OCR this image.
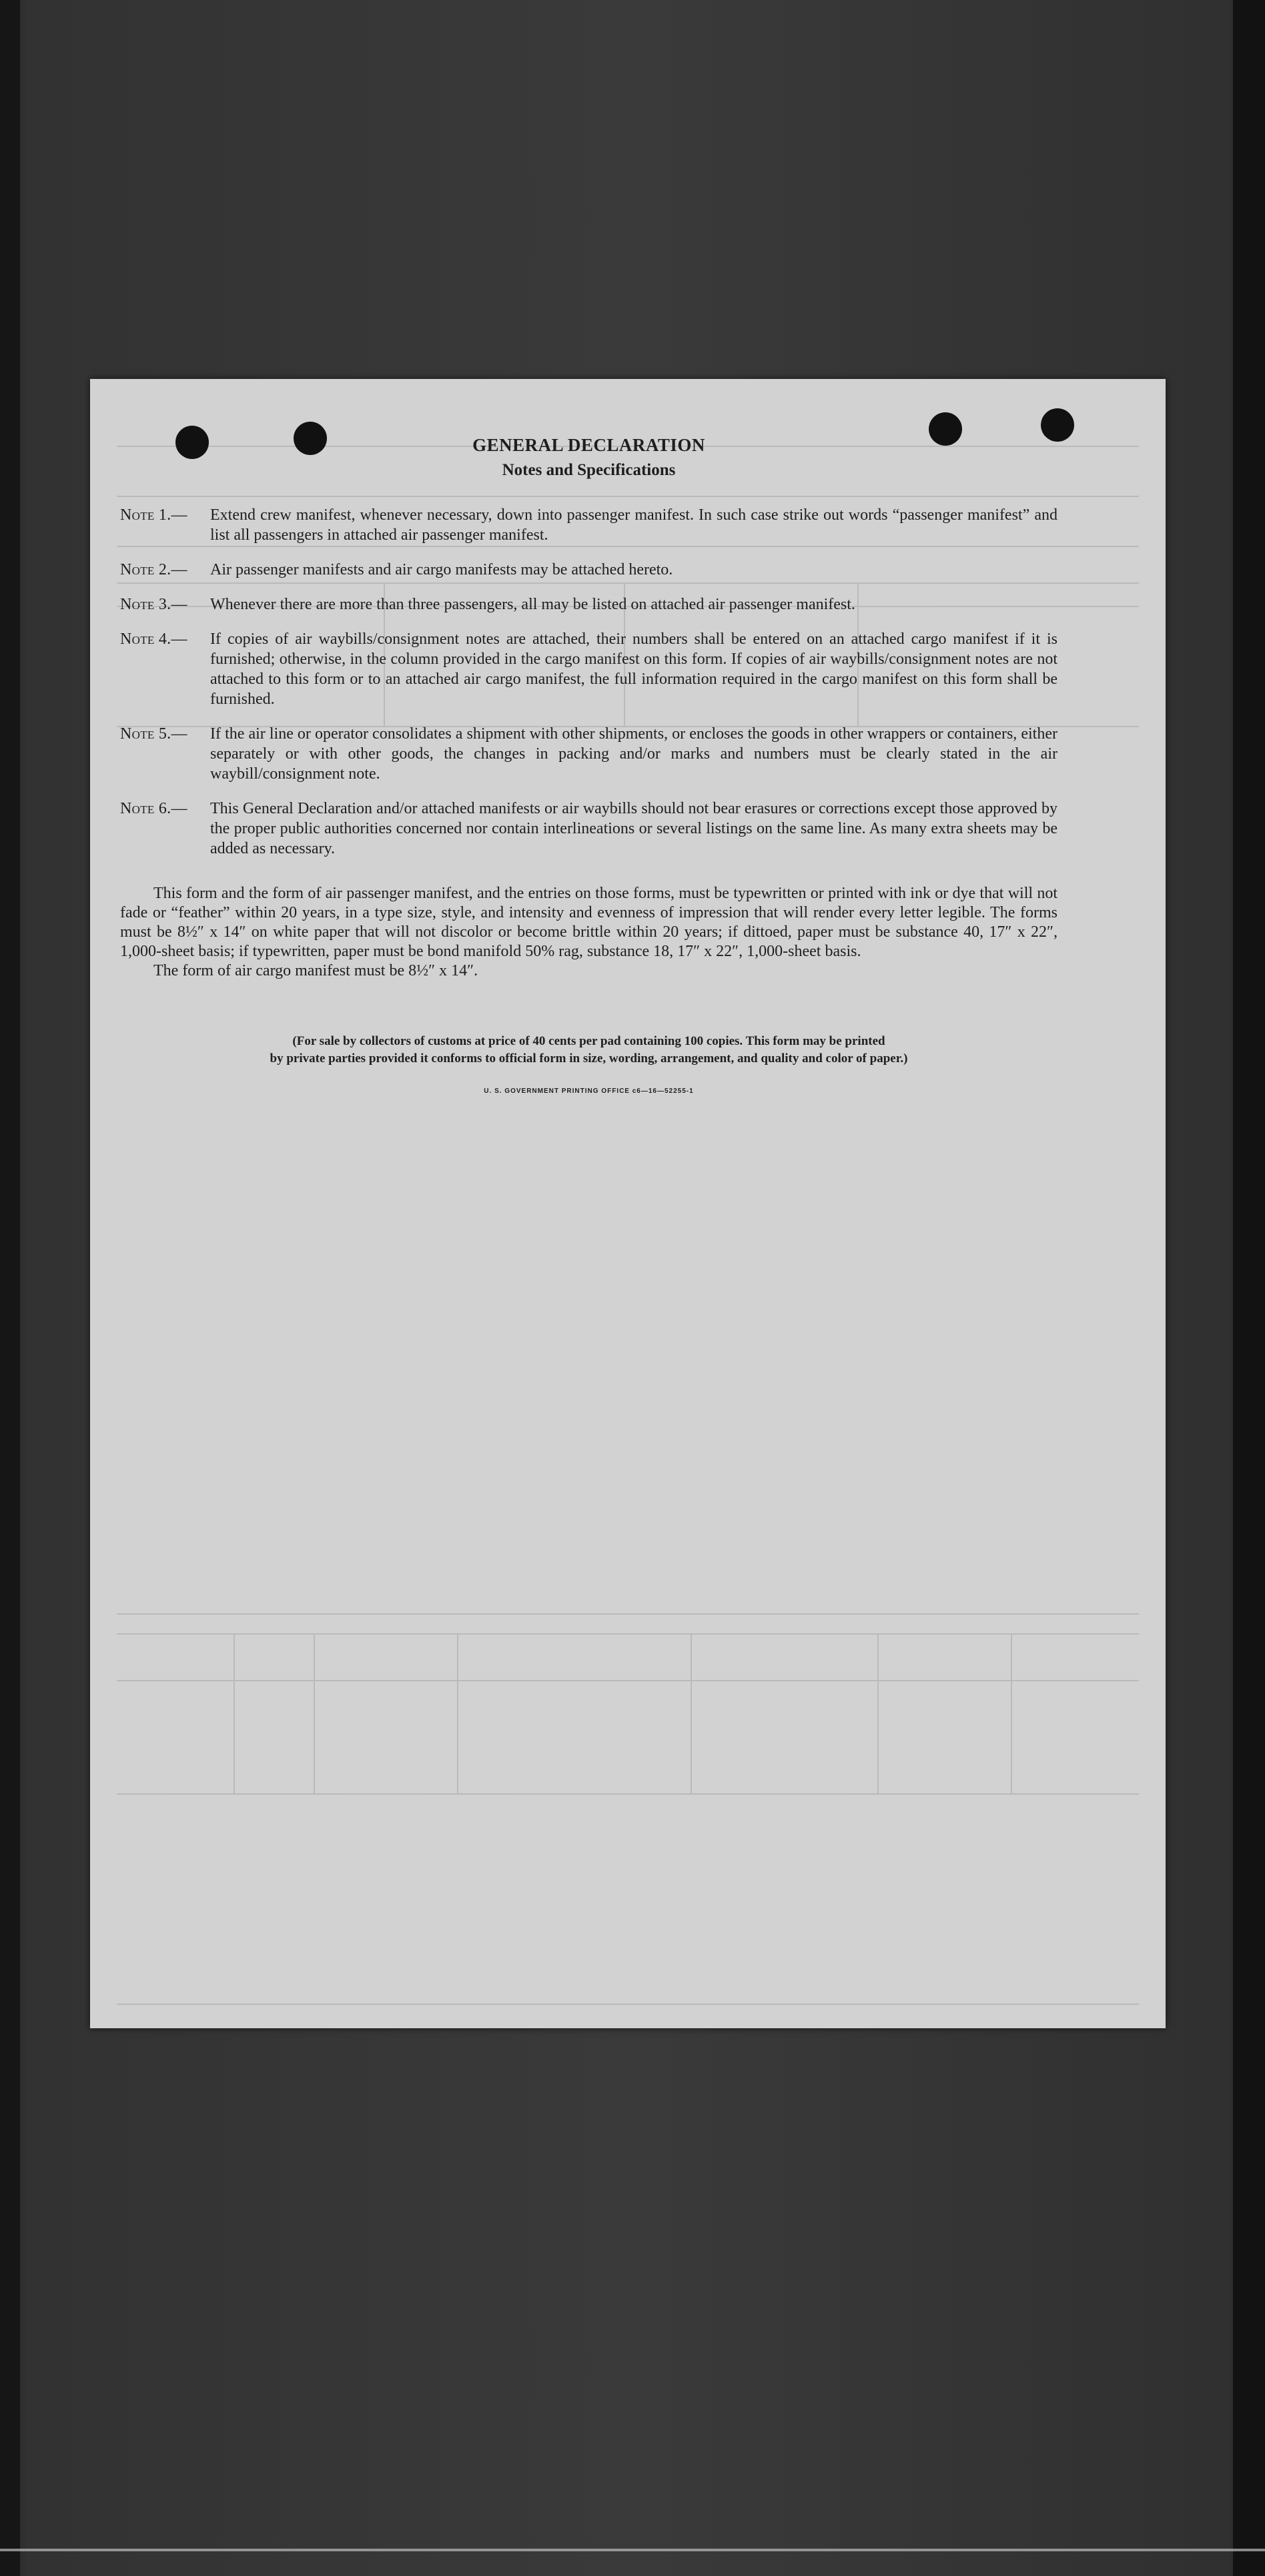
GENERAL DECLARATION
Notes and Specifications
Note 1.—	Extend crew manifest, whenever necessary, down into passenger manifest. In such case strike out words “passenger manifest” and list all passengers in attached air passenger manifest.
Note 2.—	Air passenger manifests and air cargo manifests may be attached hereto.
Note 3.—	Whenever there are more than three passengers, all may be listed on attached air passenger manifest.
Note 4.—	If copies of air waybills/consignment notes are attached, their numbers shall be entered on an attached cargo manifest if it is furnished; otherwise, in the column provided in the cargo manifest on this form. If copies of air waybills/consignment notes are not attached to this form or to an attached air cargo manifest, the full information required in the cargo manifest on this form shall be furnished.
Note 5.—	If the air line or operator consolidates a shipment with other shipments, or encloses the goods in other wrappers or containers, either separately or with other goods, the changes in packing and/or marks and numbers must be clearly stated in the air waybill/consignment note.
Note 6.—	This General Declaration and/or attached manifests or air waybills should not bear erasures or corrections except those approved by the proper public authorities concerned nor contain interlineations or several listings on the same line. As many extra sheets may be added as necessary.

This form and the form of air passenger manifest, and the entries on those forms, must be typewritten or printed with ink or dye that will not fade or “feather” within 20 years, in a type size, style, and intensity and evenness of impression that will render every letter legible. The forms must be 8½″ x 14″ on white paper that will not discolor or become brittle within 20 years; if dittoed, paper must be substance 40, 17″ x 22″, 1,000-sheet basis; if typewritten, paper must be bond manifold 50% rag, substance 18, 17″ x 22″, 1,000-sheet basis.

The form of air cargo manifest must be 8½″ x 14″.
(For sale by collectors of customs at price of 40 cents per pad containing 100 copies. This form may be printed
by private parties provided it conforms to official form in size, wording, arrangement, and quality and color of paper.)
U. S. GOVERNMENT PRINTING OFFICE c6—16—52255-1
